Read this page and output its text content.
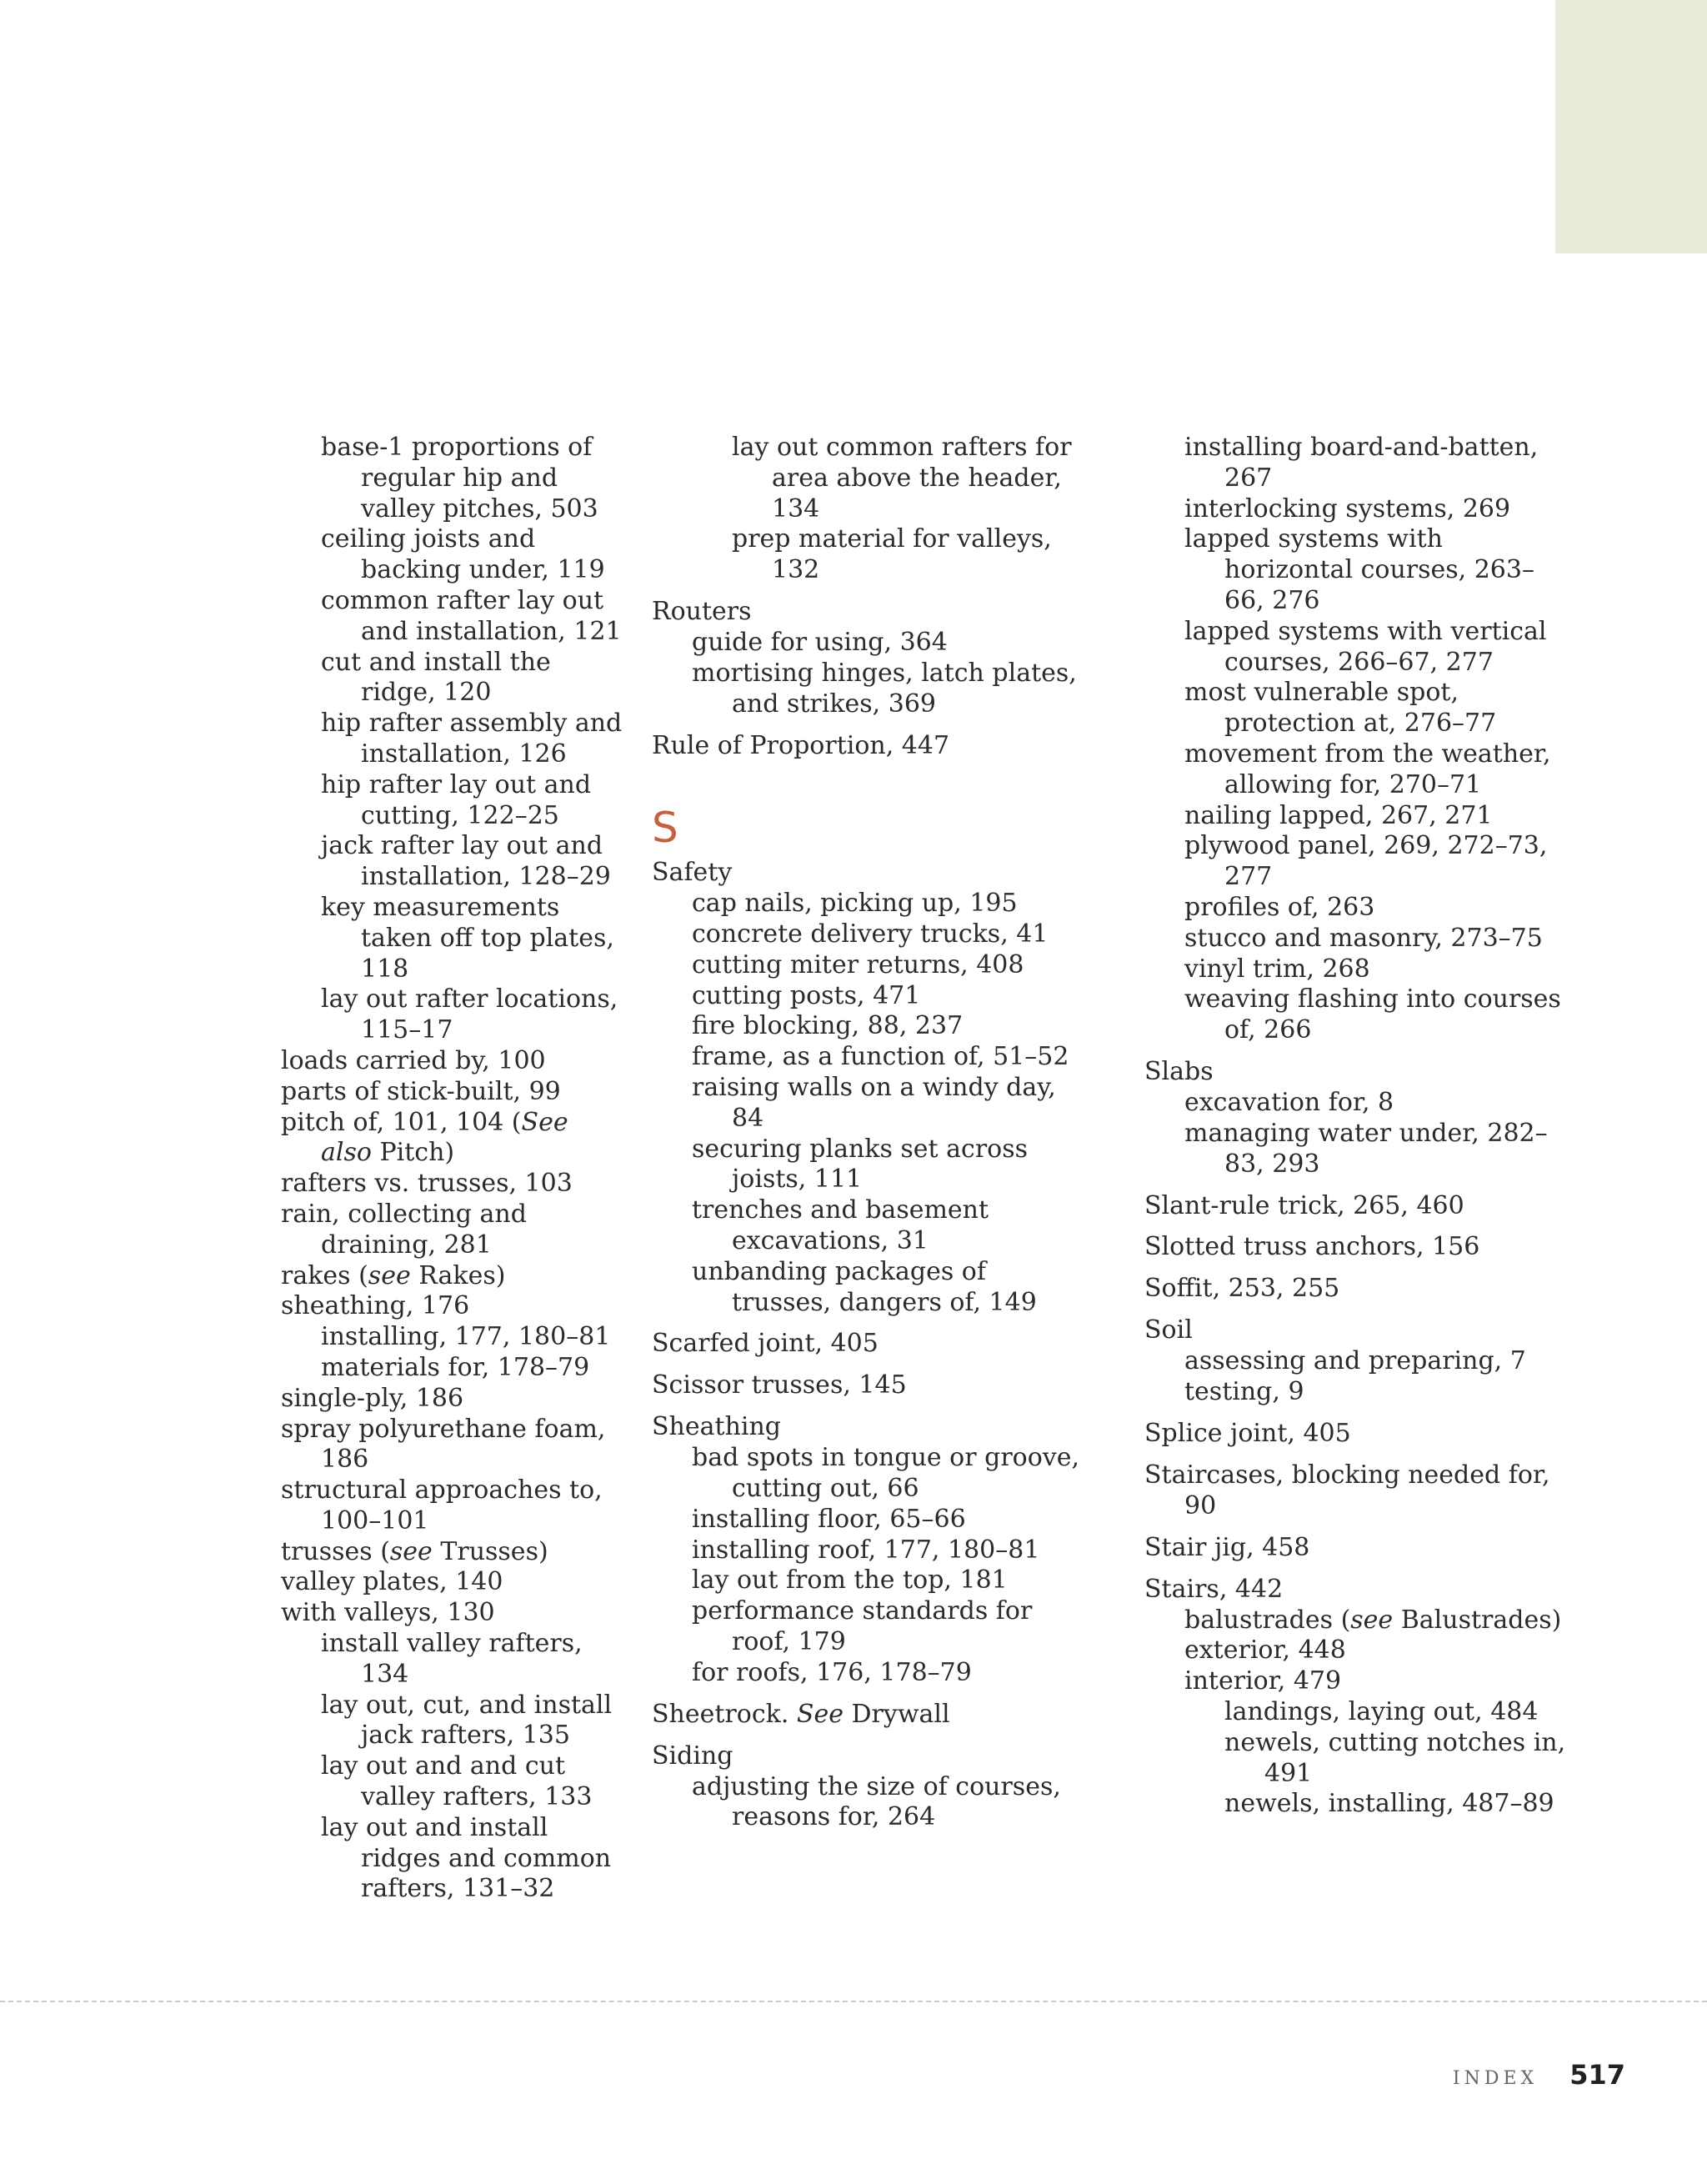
base-1 proportions of regular hip and valley pitches, 503
ceiling joists and backing under, 119
common rafter lay out and installation, 121
cut and install the ridge, 120
hip rafter assembly and installation, 126
hip rafter lay out and cutting, 122–25
jack rafter lay out and installation, 128–29
key measurements taken off top plates, 118
lay out rafter locations, 115–17
loads carried by, 100
parts of stick-built, 99
pitch of, 101, 104 (See also Pitch)
rafters vs. trusses, 103
rain, collecting and draining, 281
rakes (see Rakes)
sheathing, 176
installing, 177, 180–81
materials for, 178–79
single-ply, 186
spray polyurethane foam, 186
structural approaches to, 100–101
trusses (see Trusses)
valley plates, 140
with valleys, 130
install valley rafters, 134
lay out, cut, and install jack rafters, 135
lay out and and cut valley rafters, 133
lay out and install ridges and common rafters, 131–32
lay out common rafters for area above the header, 134
prep material for valleys, 132
Routers
guide for using, 364
mortising hinges, latch plates, and strikes, 369
Rule of Proportion, 447
S
Safety
cap nails, picking up, 195
concrete delivery trucks, 41
cutting miter returns, 408
cutting posts, 471
fire blocking, 88, 237
frame, as a function of, 51–52
raising walls on a windy day, 84
securing planks set across joists, 111
trenches and basement excavations, 31
unbanding packages of trusses, dangers of, 149
Scarfed joint, 405
Scissor trusses, 145
Sheathing
bad spots in tongue or groove, cutting out, 66
installing floor, 65–66
installing roof, 177, 180–81
lay out from the top, 181
performance standards for roof, 179
for roofs, 176, 178–79
Sheetrock. See Drywall
Siding
adjusting the size of courses, reasons for, 264
installing board-and-batten, 267
interlocking systems, 269
lapped systems with horizontal courses, 263–66, 276
lapped systems with vertical courses, 266–67, 277
most vulnerable spot, protection at, 276–77
movement from the weather, allowing for, 270–71
nailing lapped, 267, 271
plywood panel, 269, 272–73, 277
profiles of, 263
stucco and masonry, 273–75
vinyl trim, 268
weaving flashing into courses of, 266
Slabs
excavation for, 8
managing water under, 282–83, 293
Slant-rule trick, 265, 460
Slotted truss anchors, 156
Soffit, 253, 255
Soil
assessing and preparing, 7
testing, 9
Splice joint, 405
Staircases, blocking needed for, 90
Stair jig, 458
Stairs, 442
balustrades (see Balustrades)
exterior, 448
interior, 479
landings, laying out, 484
newels, cutting notches in, 491
newels, installing, 487–89
INDEX 517
